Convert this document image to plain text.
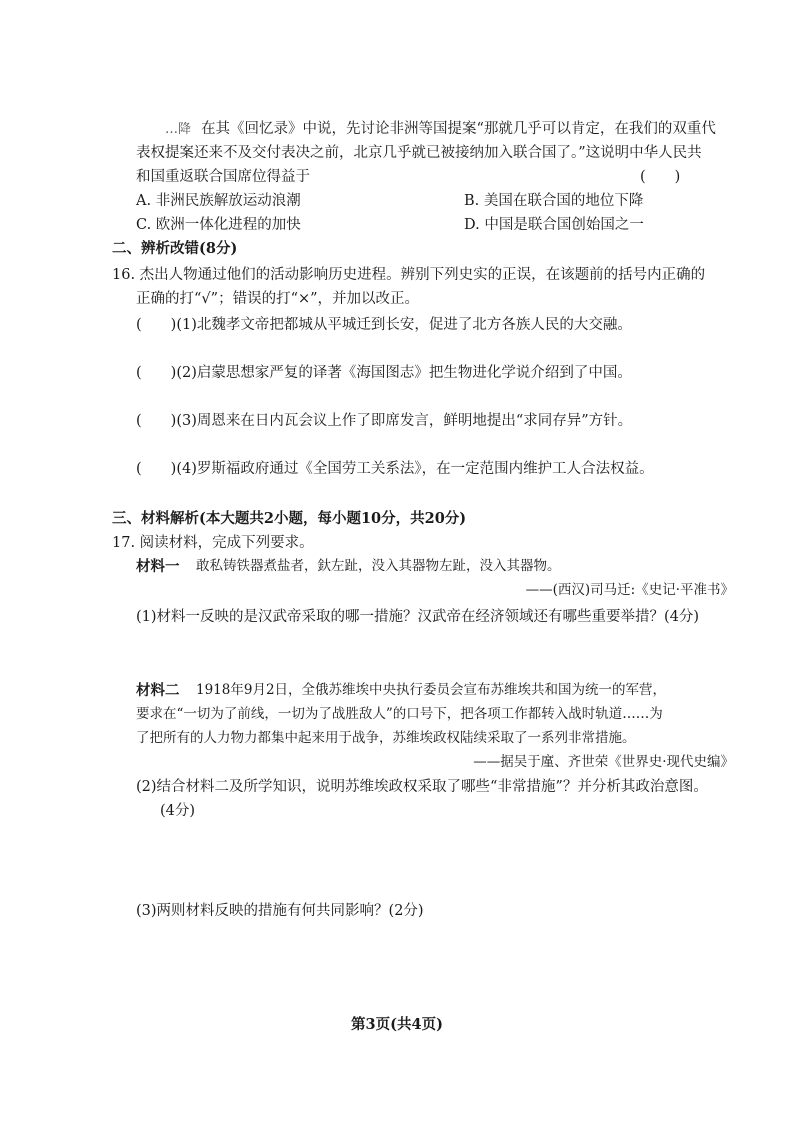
…降 在其《回忆录》中说，先讨论非洲等国提案“那就几乎可以肯定，在我们的双重代
表权提案还来不及交付表决之前，北京几乎就已被接纳加入联合国了。”这说明中华人民共
和国重返联合国席位得益于	(　　)
A. 非洲民族解放运动浪潮	B. 美国在联合国的地位下降
C. 欧洲一体化进程的加快	D. 中国是联合国创始国之一
二、辨析改错(8分)
16. 杰出人物通过他们的活动影响历史进程。辨别下列史实的正误，在该题前的括号内正确的
正确的打“√”；错误的打“×”，并加以改正。
(　　)(1)北魏孝文帝把都城从平城迁到长安，促进了北方各族人民的大交融。
(　　)(2)启蒙思想家严复的译著《海国图志》把生物进化学说介绍到了中国。
(　　)(3)周恩来在日内瓦会议上作了即席发言，鲜明地提出“求同存异”方针。
(　　)(4)罗斯福政府通过《全国劳工关系法》，在一定范围内维护工人合法权益。
三、材料解析(本大题共2小题，每小题10分，共20分)
17. 阅读材料，完成下列要求。
材料一 敢私铸铁器煮盐者，釱左趾，没入其器物左趾，没入其器物。
——(西汉)司马迁:《史记·平准书》
(1)材料一反映的是汉武帝采取的哪一措施？汉武帝在经济领域还有哪些重要举措？(4分)
材料二 1918年9月2日，全俄苏维埃中央执行委员会宣布苏维埃共和国为统一的军营，
要求在“一切为了前线，一切为了战胜敌人”的口号下，把各项工作都转入战时轨道……为
了把所有的人力物力都集中起来用于战争，苏维埃政权陆续采取了一系列非常措施。
——据吴于廑、齐世荣《世界史·现代史编》
(2)结合材料二及所学知识，说明苏维埃政权采取了哪些“非常措施”？并分析其政治意图。
(4分)
(3)两则材料反映的措施有何共同影响？(2分)
第3页(共4页)
